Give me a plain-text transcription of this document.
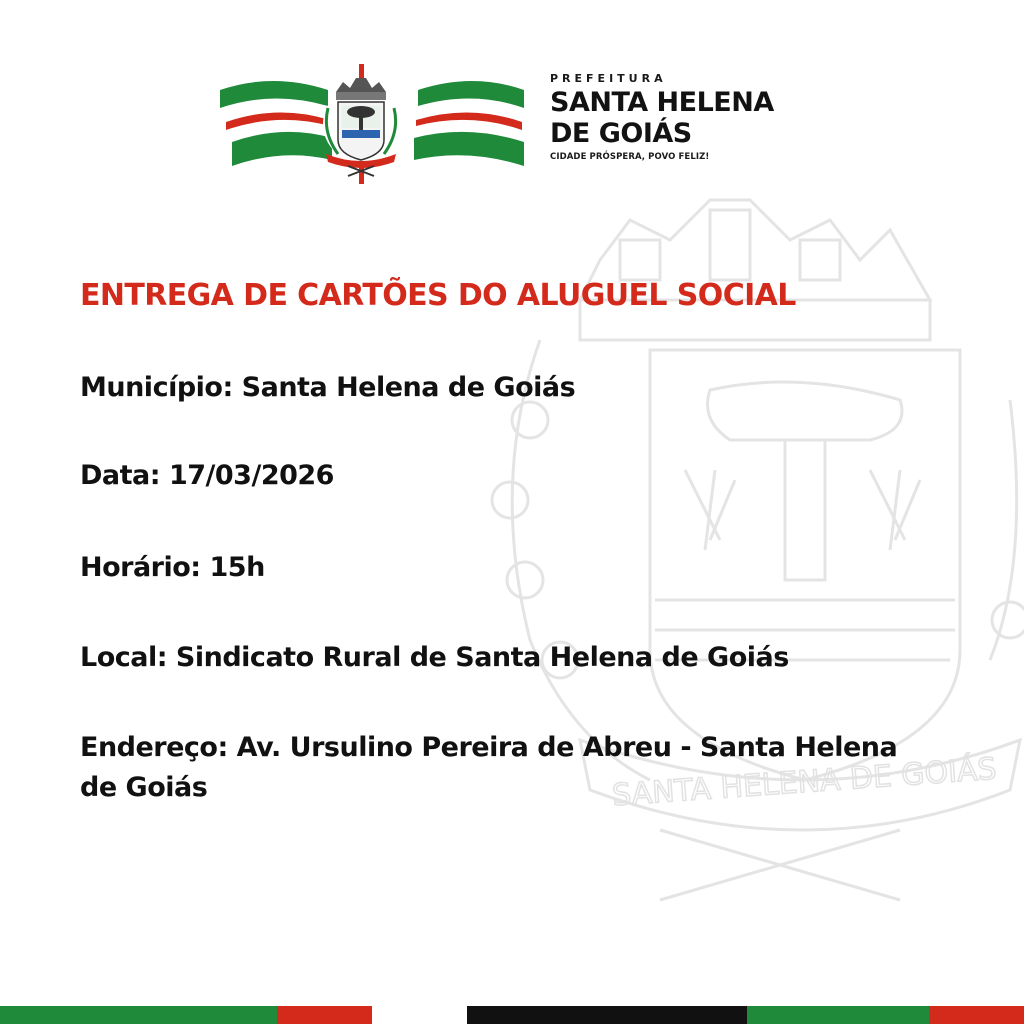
SANTA HELENA DE GOIÁS
PREFEITURA
SANTA HELENA
DE GOIÁS
CIDADE PRÓSPERA, POVO FELIZ!
ENTREGA DE CARTÕES DO ALUGUEL SOCIAL
Município: Santa Helena de Goiás
Data: 17/03/2026
Horário: 15h
Local: Sindicato Rural de Santa Helena de Goiás
Endereço: Av. Ursulino Pereira de Abreu - Santa Helena de Goiás
